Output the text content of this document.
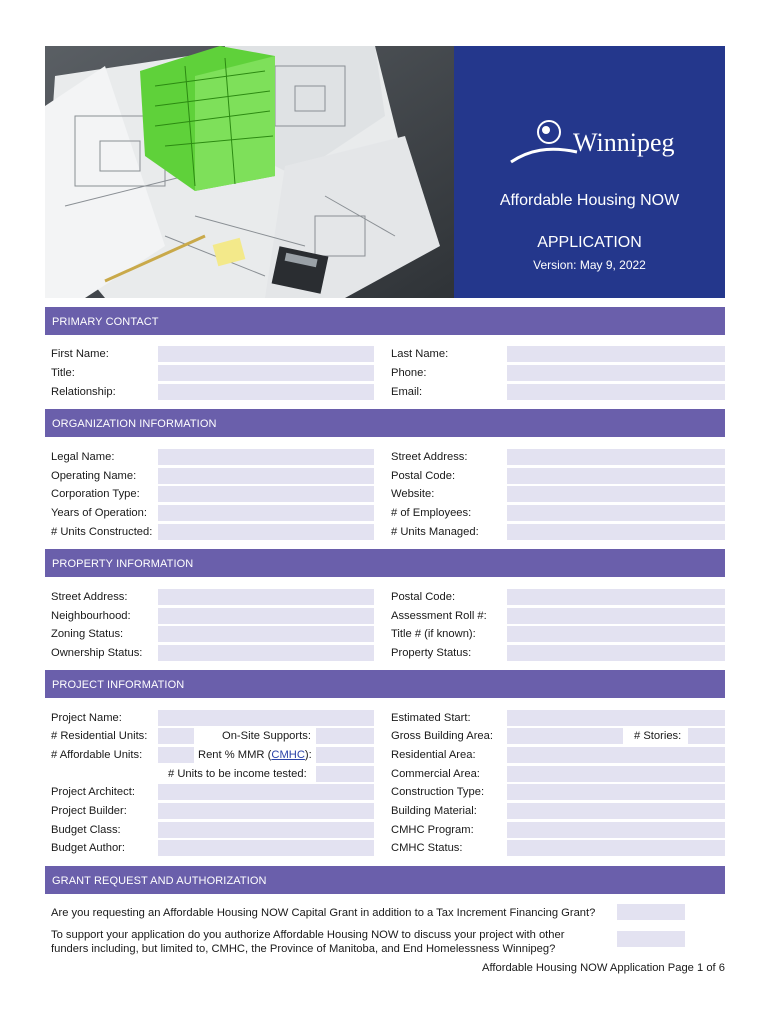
Winnipeg
Affordable Housing NOW
APPLICATION
Version: May 9, 2022
PRIMARY CONTACT
First Name:
Title:
Relationship:
Last Name:
Phone:
Email:
ORGANIZATION INFORMATION
Legal Name:
Operating Name:
Corporation Type:
Years of Operation:
# Units Constructed:
Street Address:
Postal Code:
Website:
# of Employees:
# Units Managed:
PROPERTY INFORMATION
Street Address:
Neighbourhood:
Zoning Status:
Ownership Status:
Postal Code:
Assessment Roll #:
Title # (if known):
Property Status:
PROJECT INFORMATION
Project Name:
# Residential Units:	On-Site Supports:
# Affordable Units:	Rent % MMR (CMHC):
# Units to be income tested:
Project Architect:
Project Builder:
Budget Class:
Budget Author:
Estimated Start:
Gross Building Area:	# Stories:
Residential Area:
Commercial Area:
Construction Type:
Building Material:
CMHC Program:
CMHC Status:
GRANT REQUEST AND AUTHORIZATION
Are you requesting an Affordable Housing NOW Capital Grant in addition to a Tax Increment Financing Grant?
To support your application do you authorize Affordable Housing NOW to discuss your project with other
funders including, but limited to, CMHC, the Province of Manitoba, and End Homelessness Winnipeg?
Affordable Housing NOW Application Page 1 of 6
